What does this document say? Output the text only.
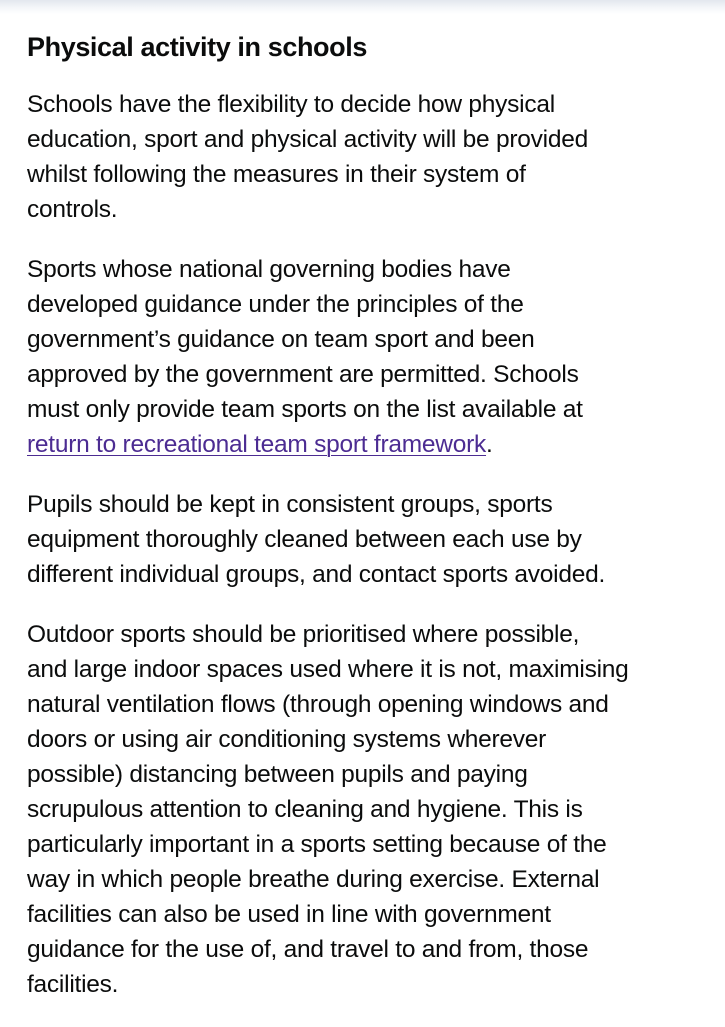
Physical activity in schools

Schools have the flexibility to decide how physical
education, sport and physical activity will be provided
whilst following the measures in their system of
controls.

Sports whose national governing bodies have
developed guidance under the principles of the
government’s guidance on team sport and been
approved by the government are permitted. Schools
must only provide team sports on the list available at
return to recreational team sport framework.

Pupils should be kept in consistent groups, sports
equipment thoroughly cleaned between each use by
different individual groups, and contact sports avoided.

Outdoor sports should be prioritised where possible,
and large indoor spaces used where it is not, maximising
natural ventilation flows (through opening windows and
doors or using air conditioning systems wherever
possible) distancing between pupils and paying
scrupulous attention to cleaning and hygiene. This is
particularly important in a sports setting because of the
way in which people breathe during exercise. External
facilities can also be used in line with government
guidance for the use of, and travel to and from, those
facilities.
